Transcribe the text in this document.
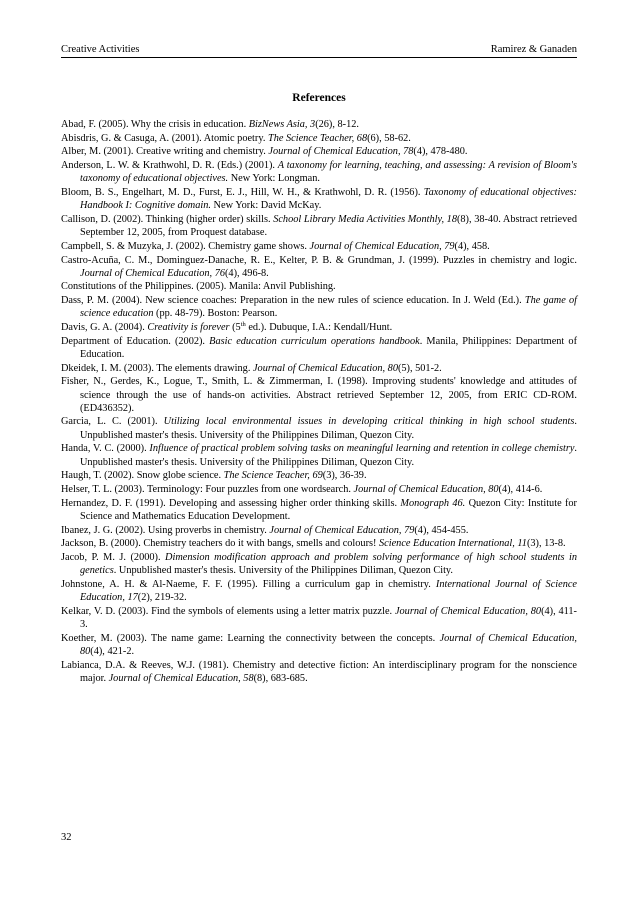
Creative Activities	Ramirez & Ganaden
References

Abad, F. (2005). Why the crisis in education. BizNews Asia, 3(26), 8-12.

Abisdris, G. & Casuga, A. (2001). Atomic poetry. The Science Teacher, 68(6), 58-62.

Alber, M. (2001). Creative writing and chemistry. Journal of Chemical Education, 78(4), 478-480.

Anderson, L. W. & Krathwohl, D. R. (Eds.) (2001). A taxonomy for learning, teaching, and assessing: A revision of Bloom's taxonomy of educational objectives. New York: Longman.

Bloom, B. S., Engelhart, M. D., Furst, E. J., Hill, W. H., & Krathwohl, D. R. (1956). Taxonomy of educational objectives: Handbook I: Cognitive domain. New York: David McKay.

Callison, D. (2002). Thinking (higher order) skills. School Library Media Activities Monthly, 18(8), 38-40. Abstract retrieved September 12, 2005, from Proquest database.

Campbell, S. & Muzyka, J. (2002). Chemistry game shows. Journal of Chemical Education, 79(4), 458.

Castro-Acuña, C. M., Dominguez-Danache, R. E., Kelter, P. B. & Grundman, J. (1999). Puzzles in chemistry and logic. Journal of Chemical Education, 76(4), 496-8.

Constitutions of the Philippines. (2005). Manila: Anvil Publishing.

Dass, P. M. (2004). New science coaches: Preparation in the new rules of science education. In J. Weld (Ed.). The game of science education (pp. 48-79). Boston: Pearson.

Davis, G. A. (2004). Creativity is forever (5th ed.). Dubuque, I.A.: Kendall/Hunt.

Department of Education. (2002). Basic education curriculum operations handbook. Manila, Philippines: Department of Education.

Dkeidek, I. M. (2003). The elements drawing. Journal of Chemical Education, 80(5), 501-2.

Fisher, N., Gerdes, K., Logue, T., Smith, L. & Zimmerman, I. (1998). Improving students' knowledge and attitudes of science through the use of hands-on activities. Abstract retrieved September 12, 2005, from ERIC CD-ROM. (ED436352).

Garcia, L. C. (2001). Utilizing local environmental issues in developing critical thinking in high school students. Unpublished master's thesis. University of the Philippines Diliman, Quezon City.

Handa, V. C. (2000). Influence of practical problem solving tasks on meaningful learning and retention in college chemistry. Unpublished master's thesis. University of the Philippines Diliman, Quezon City.

Haugh, T. (2002). Snow globe science. The Science Teacher, 69(3), 36-39.

Helser, T. L. (2003). Terminology: Four puzzles from one wordsearch. Journal of Chemical Education, 80(4), 414-6.

Hernandez, D. F. (1991). Developing and assessing higher order thinking skills. Monograph 46. Quezon City: Institute for Science and Mathematics Education Development.

Ibanez, J. G. (2002). Using proverbs in chemistry. Journal of Chemical Education, 79(4), 454-455.

Jackson, B. (2000). Chemistry teachers do it with bangs, smells and colours! Science Education International, 11(3), 13-8.

Jacob, P. M. J. (2000). Dimension modification approach and problem solving performance of high school students in genetics. Unpublished master's thesis. University of the Philippines Diliman, Quezon City.

Johnstone, A. H. & Al-Naeme, F. F. (1995). Filling a curriculum gap in chemistry. International Journal of Science Education, 17(2), 219-32.

Kelkar, V. D. (2003). Find the symbols of elements using a letter matrix puzzle. Journal of Chemical Education, 80(4), 411-3.

Koether, M. (2003). The name game: Learning the connectivity between the concepts. Journal of Chemical Education, 80(4), 421-2.

Labianca, D.A. & Reeves, W.J. (1981). Chemistry and detective fiction: An interdisciplinary program for the nonscience major. Journal of Chemical Education, 58(8), 683-685.

32
